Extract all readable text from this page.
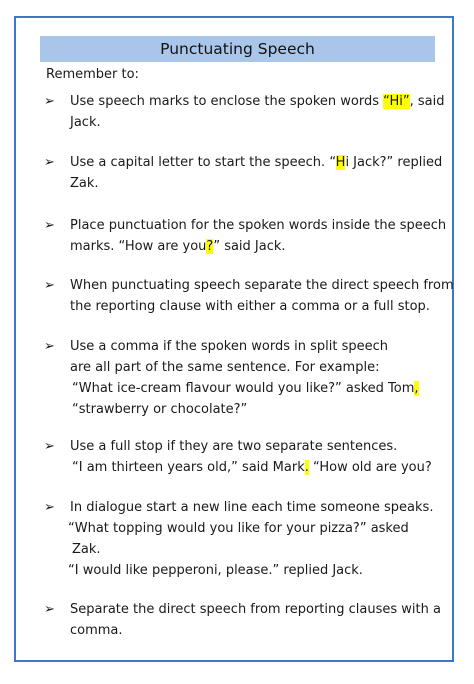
Punctuating Speech
Remember to:
➢	Use speech marks to enclose the spoken words “Hi”, said
Jack.
➢	Use a capital letter to start the speech. “Hi Jack?” replied
Zak.
➢	Place punctuation for the spoken words inside the speech
marks. “How are you?” said Jack.
➢	When punctuating speech separate the direct speech from
the reporting clause with either a comma or a full stop.
➢	Use a comma if the spoken words in split speech
are all part of the same sentence. For example:
“What ice-cream flavour would you like?” asked Tom,
“strawberry or chocolate?”
➢	Use a full stop if they are two separate sentences.
“I am thirteen years old,” said Mark. “How old are you?
➢	In dialogue start a new line each time someone speaks.
“What topping would you like for your pizza?” asked
Zak.
“I would like pepperoni, please.” replied Jack.
➢	Separate the direct speech from reporting clauses with a
comma.
